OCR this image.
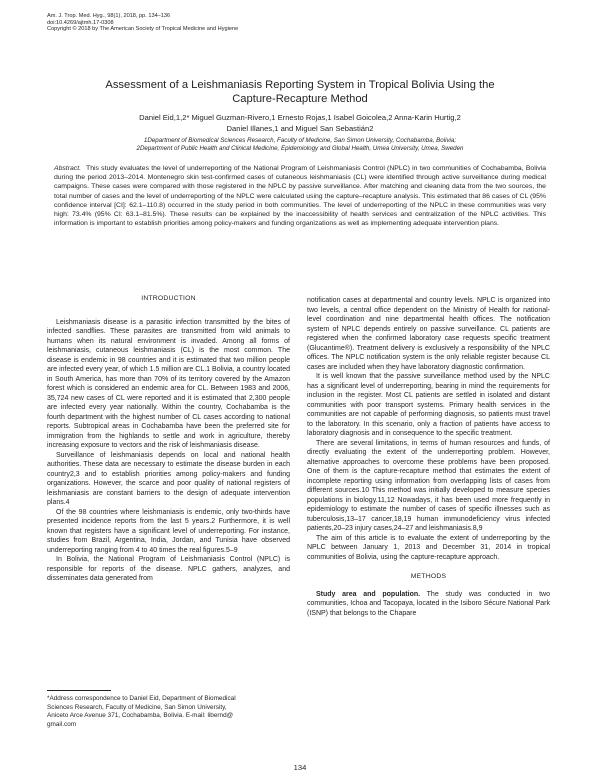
Am. J. Trop. Med. Hyg., 98(1), 2018, pp. 134–136
doi:10.4269/ajtmh.17-0308
Copyright © 2018 by The American Society of Tropical Medicine and Hygiene
Assessment of a Leishmaniasis Reporting System in Tropical Bolivia Using the
Capture-Recapture Method
Daniel Eid,1,2* Miguel Guzman-Rivero,1 Ernesto Rojas,1 Isabel Goicolea,2 Anna-Karin Hurtig,2
Daniel Illanes,1 and Miguel San Sebastián2
1Department of Biomedical Sciences Research, Faculty of Medicine, San Simon University, Cochabamba, Bolivia;
2Department of Public Health and Clinical Medicine, Epidemiology and Global Health, Umea University, Umea, Sweden
Abstract. This study evaluates the level of underreporting of the National Program of Leishmaniasis Control (NPLC) in two communities of Cochabamba, Bolivia during the period 2013–2014. Montenegro skin test-confirmed cases of cutaneous leishmaniasis (CL) were identified through active surveillance during medical campaigns. These cases were compared with those registered in the NPLC by passive surveillance. After matching and cleaning data from the two sources, the total number of cases and the level of underreporting of the NPLC were calculated using the capture–recapture analysis. This estimated that 86 cases of CL (95% confidence interval [CI]: 62.1–110.8) occurred in the study period in both communities. The level of underreporting of the NPLC in these communities was very high: 73.4% (95% CI: 63.1–81.5%). These results can be explained by the inaccessibility of health services and centralization of the NPLC activities. This information is important to establish priorities among policy-makers and funding organizations as well as implementing adequate intervention plans.
INTRODUCTION

Leishmaniasis disease is a parasitic infection transmitted by the bites of infected sandflies. These parasites are transmitted from wild animals to humans when its natural environment is invaded. Among all forms of leishmaniasis, cutaneous leishmaniasis (CL) is the most common. The disease is endemic in 98 countries and it is estimated that two million people are infected every year, of which 1.5 million are CL.1 Bolivia, a country located in South America, has more than 70% of its territory covered by the Amazon forest which is considered an endemic area for CL. Between 1983 and 2006, 35,724 new cases of CL were reported and it is estimated that 2,300 people are infected every year nationally. Within the country, Cochabamba is the fourth department with the highest number of CL cases according to national reports. Subtropical areas in Cochabamba have been the preferred site for immigration from the highlands to settle and work in agriculture, thereby increasing exposure to vectors and the risk of leishmaniasis disease.

Surveillance of leishmaniasis depends on local and national health authorities. These data are necessary to estimate the disease burden in each country2,3 and to establish priorities among policy-makers and funding organizations. However, the scarce and poor quality of national registers of leishmaniasis are constant barriers to the design of adequate intervention plans.4

Of the 98 countries where leishmaniasis is endemic, only two-thirds have presented incidence reports from the last 5 years.2 Furthermore, it is well known that registers have a significant level of underreporting. For instance, studies from Brazil, Argentina, India, Jordan, and Tunisia have observed underreporting ranging from 4 to 40 times the real figures.5–9

In Bolivia, the National Program of Leishmaniasis Control (NPLC) is responsible for reports of the disease. NPLC gathers, analyzes, and disseminates data generated from

notification cases at departmental and country levels. NPLC is organized into two levels, a central office dependent on the Ministry of Health for national-level coordination and nine departmental health offices. The notification system of NPLC depends entirely on passive surveillance. CL patients are registered when the confirmed laboratory case requests specific treatment (Glucantime®). Treatment delivery is exclusively a responsibility of the NPLC offices. The NPLC notification system is the only reliable register because CL cases are included when they have laboratory diagnostic confirmation.

It is well known that the passive surveillance method used by the NPLC has a significant level of underreporting, bearing in mind the requirements for inclusion in the register. Most CL patients are settled in isolated and distant communities with poor transport systems. Primary health services in the communities are not capable of performing diagnosis, so patients must travel to the laboratory. In this scenario, only a fraction of patients have access to laboratory diagnosis and in consequence to the specific treatment.

There are several limitations, in terms of human resources and funds, of directly evaluating the extent of the underreporting problem. However, alternative approaches to overcome these problems have been proposed. One of them is the capture-recapture method that estimates the extent of incomplete reporting using information from overlapping lists of cases from different sources.10 This method was initially developed to measure species populations in biology.11,12 Nowadays, it has been used more frequently in epidemiology to estimate the number of cases of specific illnesses such as tuberculosis,13–17 cancer,18,19 human immunodeficiency virus infected patients,20–23 injury cases,24–27 and leishmaniasis.8,9

The aim of this article is to evaluate the extent of underreporting by the NPLC between January 1, 2013 and December 31, 2014 in tropical communities of Bolivia, using the capture-recapture approach.

METHODS

Study area and population. The study was conducted in two communities, Ichoa and Tacopaya, located in the Isiboro Sécure National Park (ISNP) that belongs to the Chapare

*Address correspondence to Daniel Eid, Department of Biomedical
Sciences Research, Faculty of Medicine, San Simon University,
Aniceto Arce Avenue 371, Cochabamba, Bolivia. E-mail: libernd@
gmail.com
134
